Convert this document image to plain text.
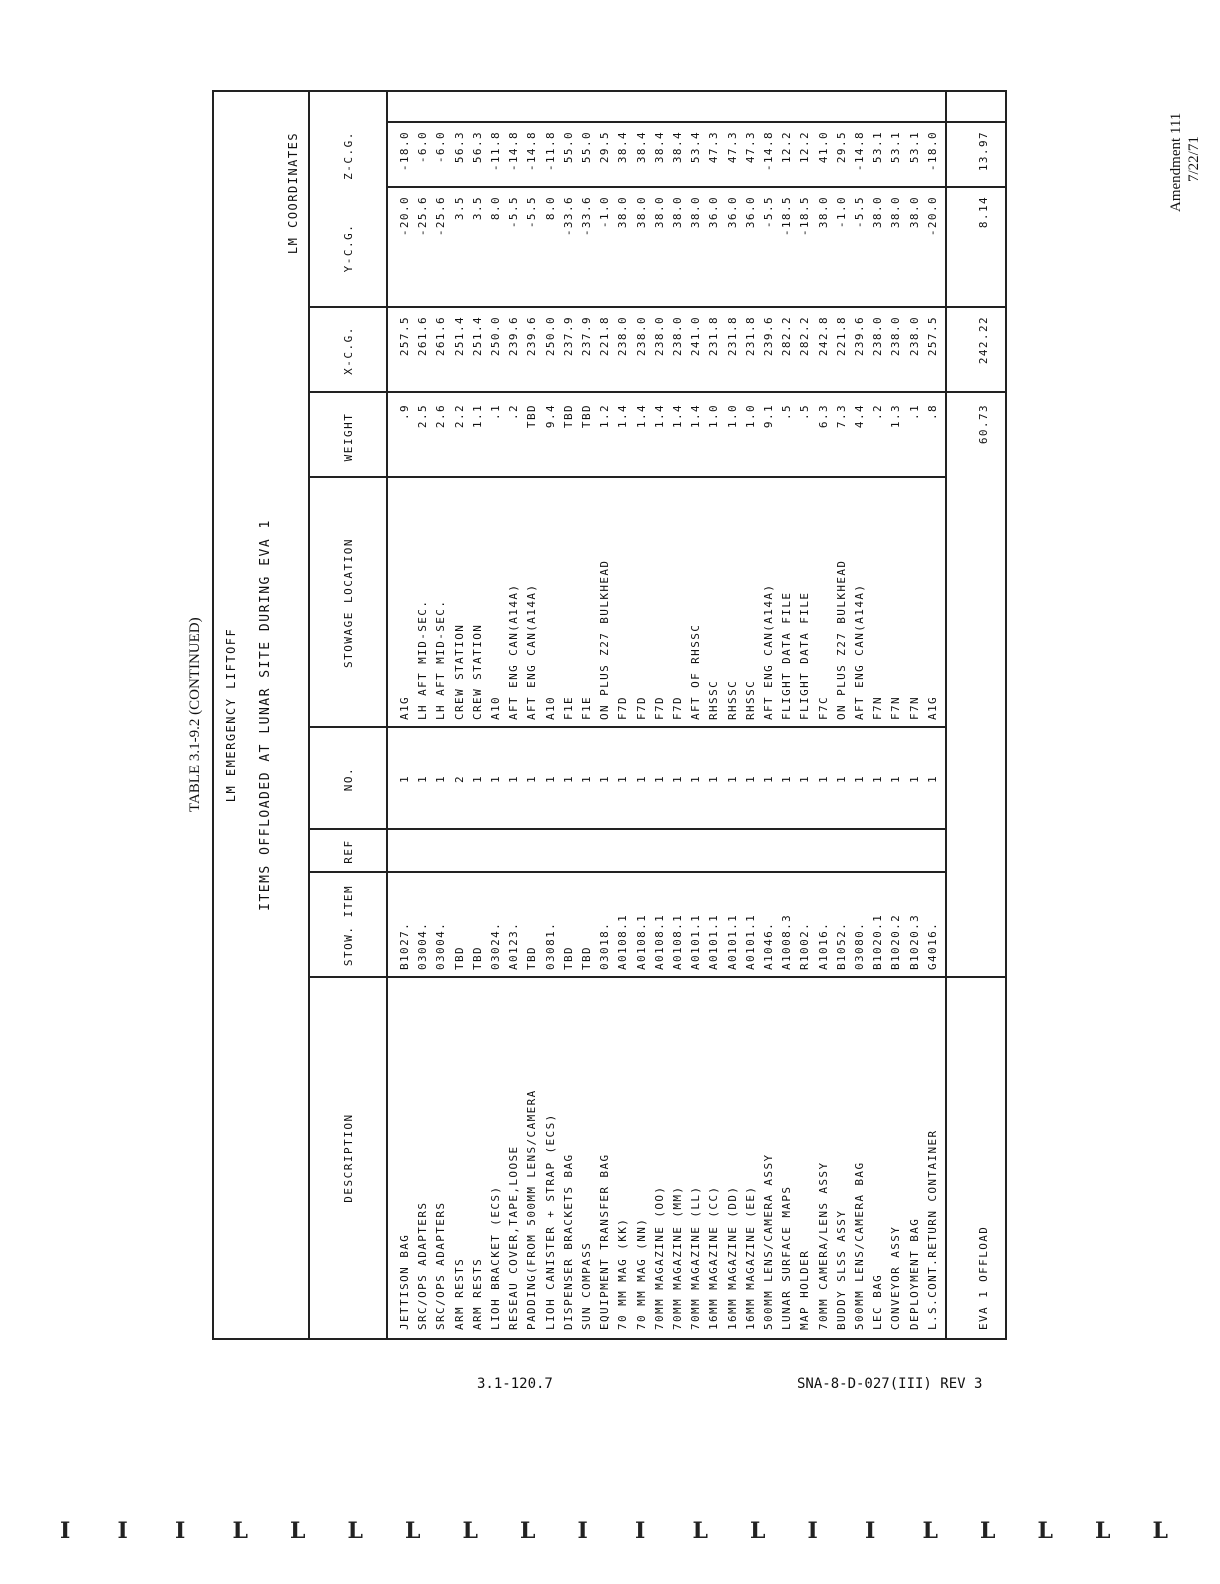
Amendment 111 7/22/71
TABLE 3.1-9.2 (CONTINUED) LM EMERGENCY LIFTOFF ITEMS OFFLOADED AT LUNAR SITE DURING EVA 1
LM COORDINATES
DESCRIPTION
STOW. ITEM
REF
NO.
STOWAGE LOCATION
WEIGHT
X-C.G.
Y-C.G.
Z-C.G.
JETTISON BAG
B1027.
1
A1G
.9
257.5
-20.0
-18.0
SRC/OPS ADAPTERS
03004.
1
LH AFT MID-SEC.
2.5
261.6
-25.6
-6.0
SRC/OPS ADAPTERS
03004.
1
LH AFT MID-SEC.
2.6
261.6
-25.6
-6.0
ARM RESTS
TBD
2
CREW STATION
2.2
251.4
3.5
56.3
ARM RESTS
TBD
1
CREW STATION
1.1
251.4
3.5
56.3
LIOH BRACKET (ECS)
03024.
1
A10
.1
250.0
8.0
-11.8
RESEAU COVER,TAPE,LOOSE
A0123.
1
AFT ENG CAN(A14A)
.2
239.6
-5.5
-14.8
PADDING(FROM 500MM LENS/CAMERA
TBD
1
AFT ENG CAN(A14A)
TBD
239.6
-5.5
-14.8
LIOH CANISTER + STRAP (ECS)
03081.
1
A10
9.4
250.0
8.0
-11.8
DISPENSER BRACKETS BAG
TBD
1
F1E
TBD
237.9
-33.6
55.0
SUN COMPASS
TBD
1
F1E
TBD
237.9
-33.6
55.0
EQUIPMENT TRANSFER BAG
03018.
1
ON PLUS Z27 BULKHEAD
1.2
221.8
-1.0
29.5
70 MM MAG (KK)
A0108.1
1
F7D
1.4
238.0
38.0
38.4
70 MM MAG (NN)
A0108.1
1
F7D
1.4
238.0
38.0
38.4
70MM MAGAZINE (OO)
A0108.1
1
F7D
1.4
238.0
38.0
38.4
70MM MAGAZINE (MM)
A0108.1
1
F7D
1.4
238.0
38.0
38.4
70MM MAGAZINE (LL)
A0101.1
1
AFT OF RHSSC
1.4
241.0
38.0
53.4
16MM MAGAZINE (CC)
A0101.1
1
RHSSC
1.0
231.8
36.0
47.3
16MM MAGAZINE (DD)
A0101.1
1
RHSSC
1.0
231.8
36.0
47.3
16MM MAGAZINE (EE)
A0101.1
1
RHSSC
1.0
231.8
36.0
47.3
500MM LENS/CAMERA ASSY
A1046.
1
AFT ENG CAN(A14A)
9.1
239.6
-5.5
-14.8
LUNAR SURFACE MAPS
A1008.3
1
FLIGHT DATA FILE
.5
282.2
-18.5
12.2
MAP HOLDER
R1002.
1
FLIGHT DATA FILE
.5
282.2
-18.5
12.2
70MM CAMERA/LENS ASSY
A1016.
1
F7C
6.3
242.8
38.0
41.0
BUDDY SLSS ASSY
B1052.
1
ON PLUS Z27 BULKHEAD
7.3
221.8
-1.0
29.5
500MM LENS/CAMERA BAG
03080.
1
AFT ENG CAN(A14A)
4.4
239.6
-5.5
-14.8
LEC BAG
B1020.1
1
F7N
.2
238.0
38.0
53.1
CONVEYOR ASSY
B1020.2
1
F7N
1.3
238.0
38.0
53.1
DEPLOYMENT BAG
B1020.3
1
F7N
.1
238.0
38.0
53.1
L.S.CONT.RETURN CONTAINER
G4016.
1
A1G
.8
257.5
-20.0
-18.0
EVA 1 OFFLOAD
60.73
242.22
8.14
13.97
3.1-120.7	SNA-8-D-027(III) REV 3
I I I L L L L L L I I L L I I L L L L L
